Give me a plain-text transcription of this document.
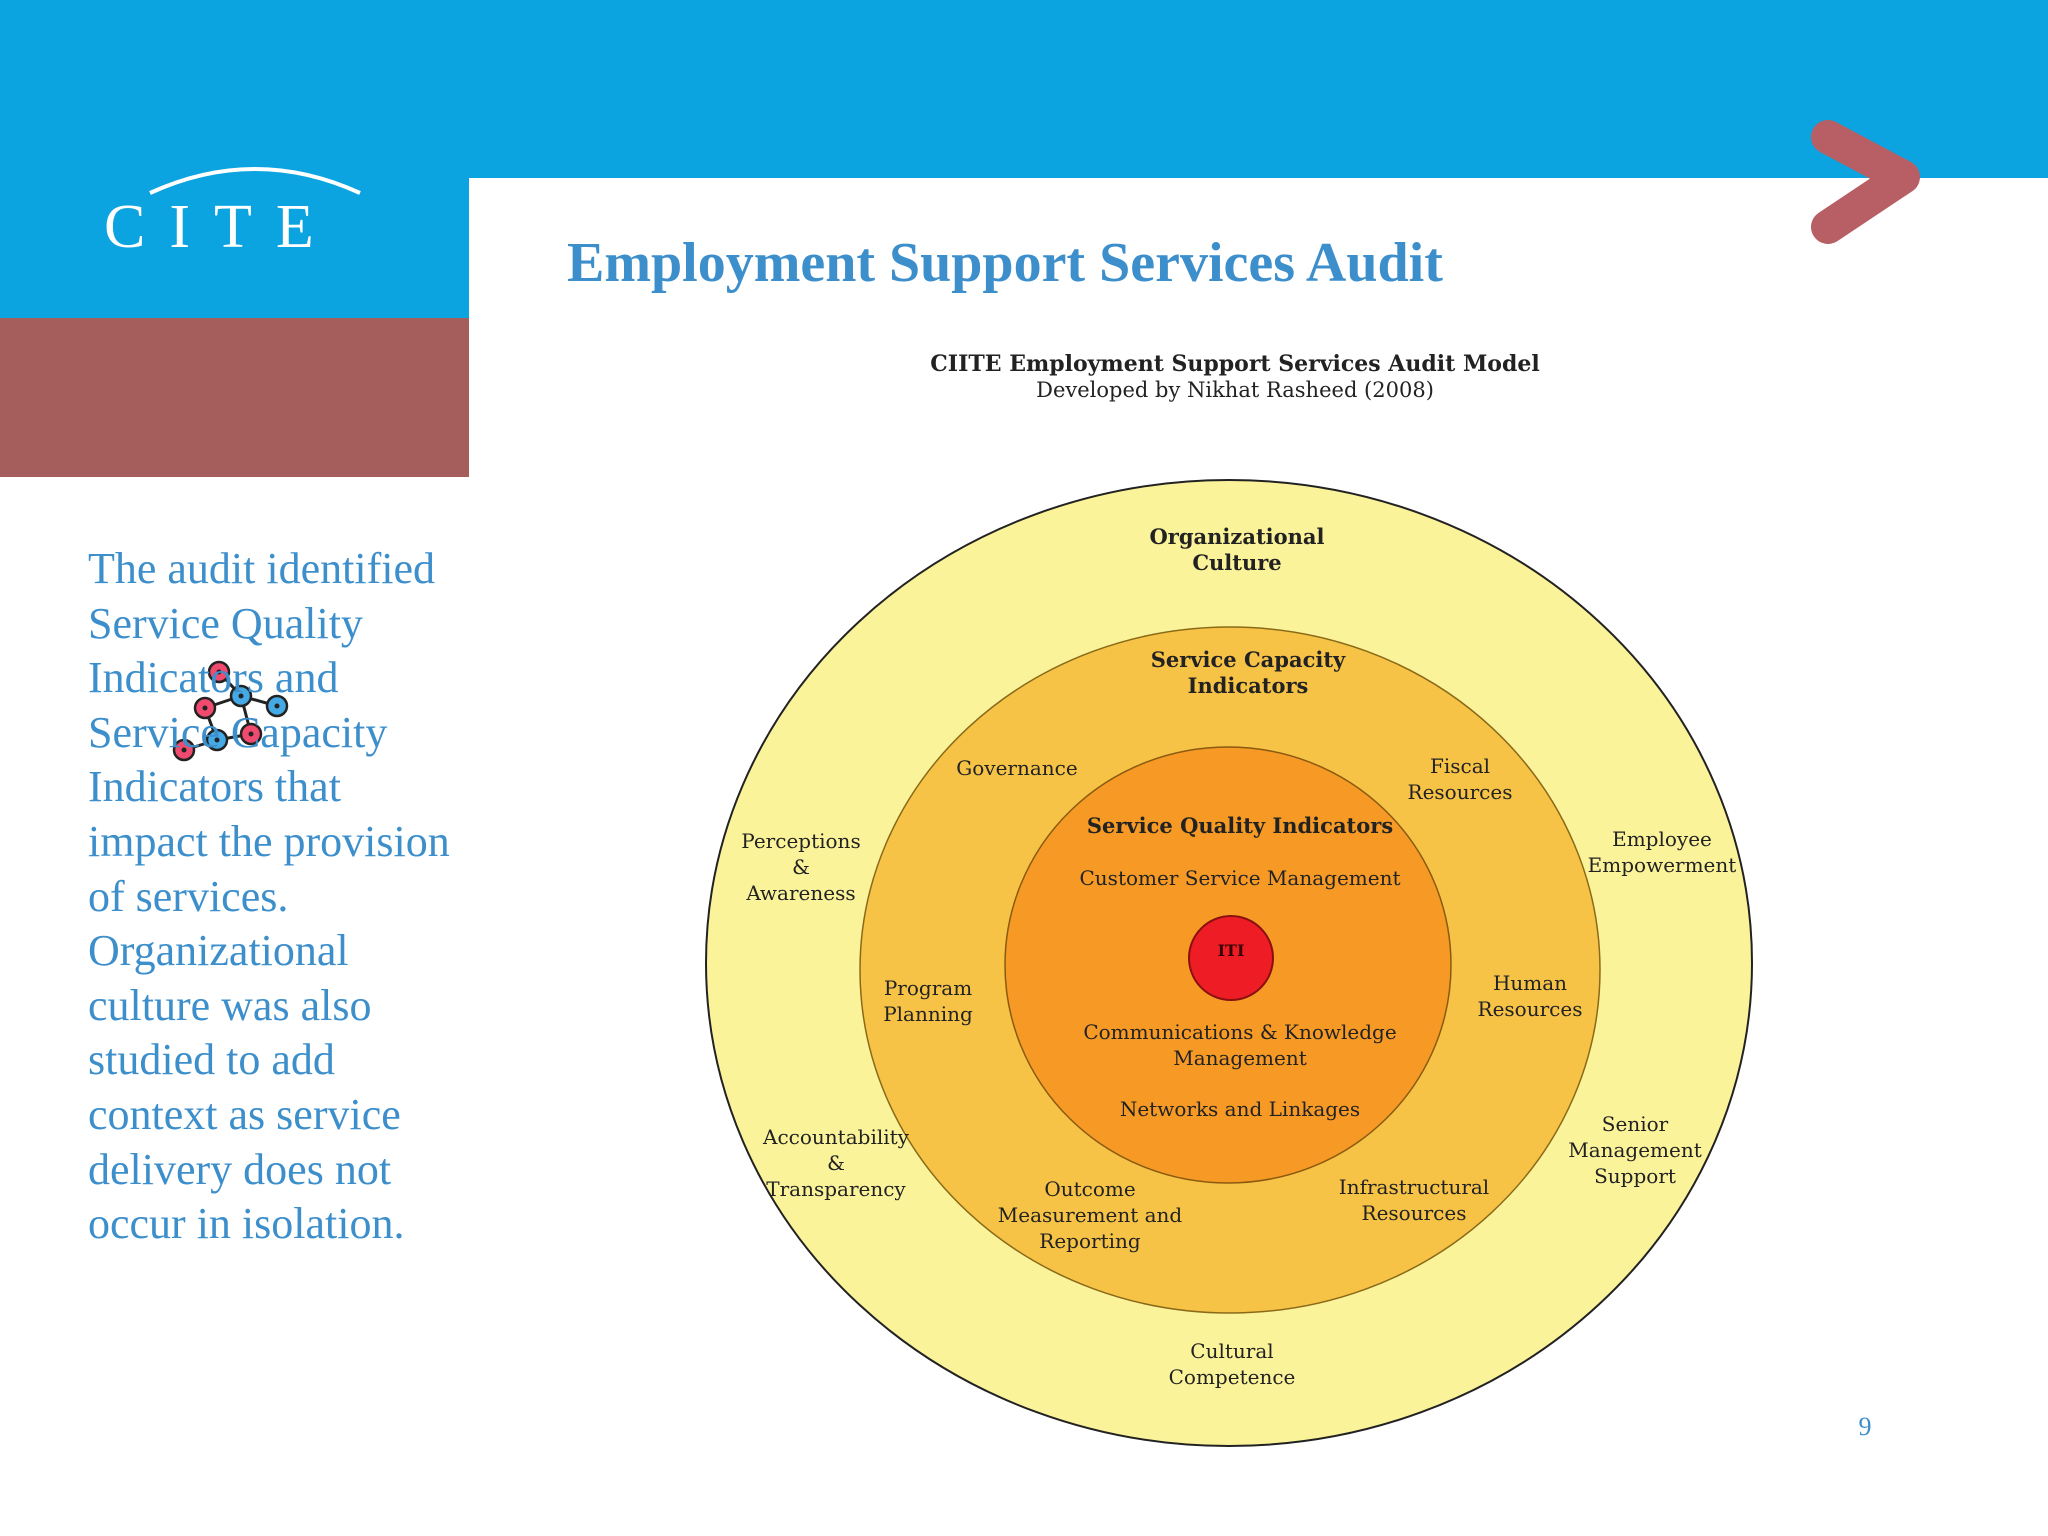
CITE
Employment Support Services Audit
The audit identified Service Quality Indicators and Service Capacity Indicators that impact the provision of services. Organizational culture was also studied to add context as service delivery does not occur in isolation.
CIITE Employment Support Services Audit Model
Developed by Nikhat Rasheed (2008)
Organizational
Culture
Perceptions
&
Awareness
Employee
Empowerment
Accountability
&
Transparency
Senior
Management
Support
Cultural
Competence
Service Capacity
Indicators
Governance	Fiscal
Resources
Program
Planning
Human
Resources
Outcome
Measurement and
Reporting
Infrastructural
Resources
Service Quality Indicators
Customer Service Management
Communications & Knowledge
Management
Networks and Linkages
ITI
9
